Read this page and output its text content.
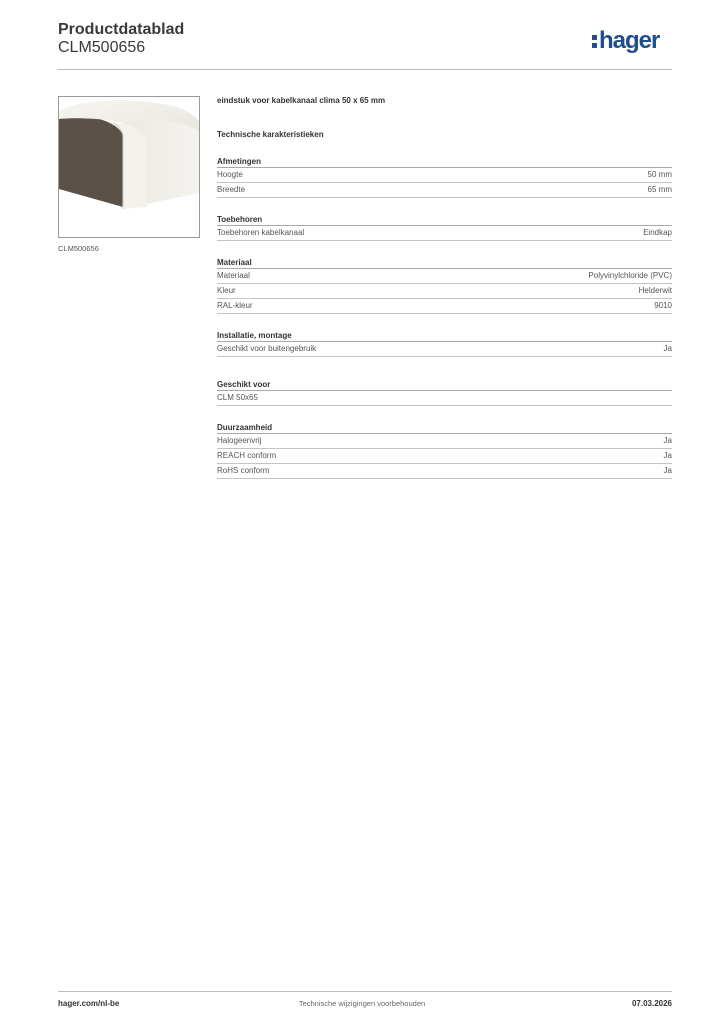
Productdatablad
CLM500656	hager
CLM500656
eindstuk voor kabelkanaal clima 50 x 65 mm
Technische karakteristieken
Afmetingen
Hoogte	50 mm
Breedte	65 mm
Toebehoren
Toebehoren kabelkanaal	Eindkap
Materiaal
Materiaal	Polyvinylchloride (PVC)
Kleur	Helderwit
RAL-kleur	9010
Installatie, montage
Geschikt voor buitengebruik	Ja
Geschikt voor
CLM 50x65
Duurzaamheid
Halogeenvrij	Ja
REACH conform	Ja
RoHS conform	Ja
hager.com/nl-be	Technische wijzigingen voorbehouden	07.03.2026
